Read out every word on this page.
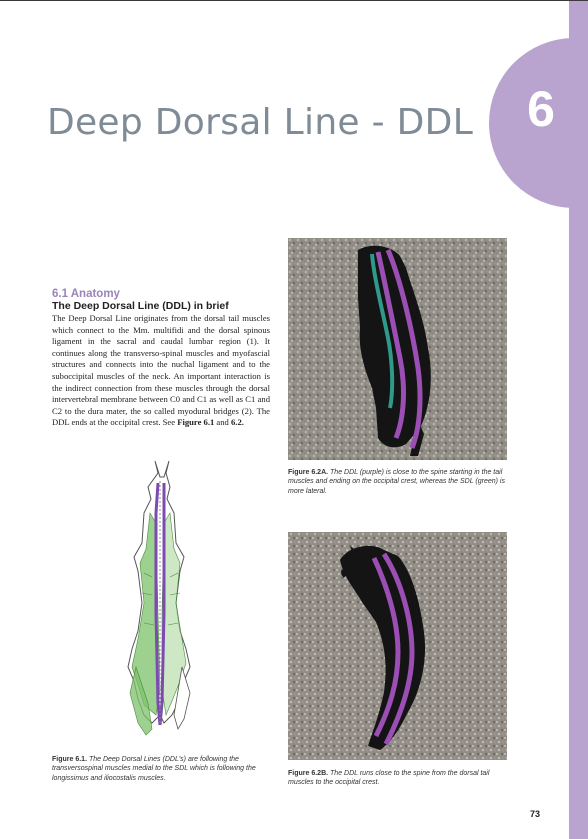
6
Deep Dorsal Line - DDL
6.1 Anatomy
The Deep Dorsal Line (DDL) in brief

The Deep Dorsal Line originates from the dorsal tail muscles which connect to the Mm. multifidi and the dorsal spinous ligament in the sacral and caudal lumbar region (1). It continues along the transverso-spinal muscles and myofascial structures and connects into the nuchal ligament and to the suboccipital muscles of the neck. An important interaction is the indirect connection from these muscles through the dorsal intervertebral membrane between C0 and C1 as well as C1 and C2 to the dura mater, the so called myodural bridges (2). The DDL ends at the occipital crest. See Figure 6.1 and 6.2.

Figure 6.1. The Deep Dorsal Lines (DDL's) are following the transversospinal muscles medial to the SDL which is following the longissimus and iliocostalis muscles.
Figure 6.2A. The DDL (purple) is close to the spine starting in the tail muscles and ending on the occipital crest, whereas the SDL (green) is more lateral.
Figure 6.2B. The DDL runs close to the spine from the dorsal tail muscles to the occipital crest.
73
